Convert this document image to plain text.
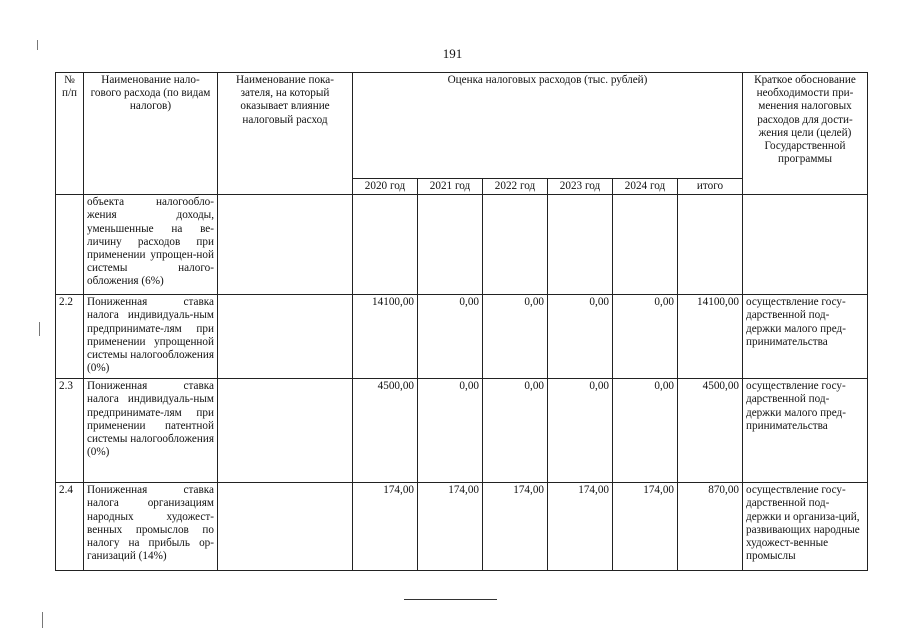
191
№ п/п	Наименование нало-гового расхода (по видам налогов)	Наименование пока-зателя, на который оказывает влияние налоговый расход	Оценка налоговых расходов (тыс. рублей)						Краткое обоснование необходимости при-менения налоговых расходов для дости-жения цели (целей) Государственной программы
			2020 год	2021 год	2022 год	2023 год	2024 год	итого	
	объекта налогообло-жения доходы, уменьшенные на ве-личину расходов при применении упрощен-ной системы налого-обложения (6%)								
2.2	Пониженная ставка налога индивидуаль-ным предпринимате-лям при применении упрощенной системы налогообложения (0%)		14100,00	0,00	0,00	0,00	0,00	14100,00	осуществление госу-дарственной под-держки малого пред-принимательства
2.3	Пониженная ставка налога индивидуаль-ным предпринимате-лям при применении патентной системы налогообложения (0%)		4500,00	0,00	0,00	0,00	0,00	4500,00	осуществление госу-дарственной под-держки малого пред-принимательства
2.4	Пониженная ставка налога организациям народных художест-венных промыслов по налогу на прибыль ор-ганизаций (14%)		174,00	174,00	174,00	174,00	174,00	870,00	осуществление госу-дарственной под-держки и организа-ций, развивающих народные художест-венные промыслы
